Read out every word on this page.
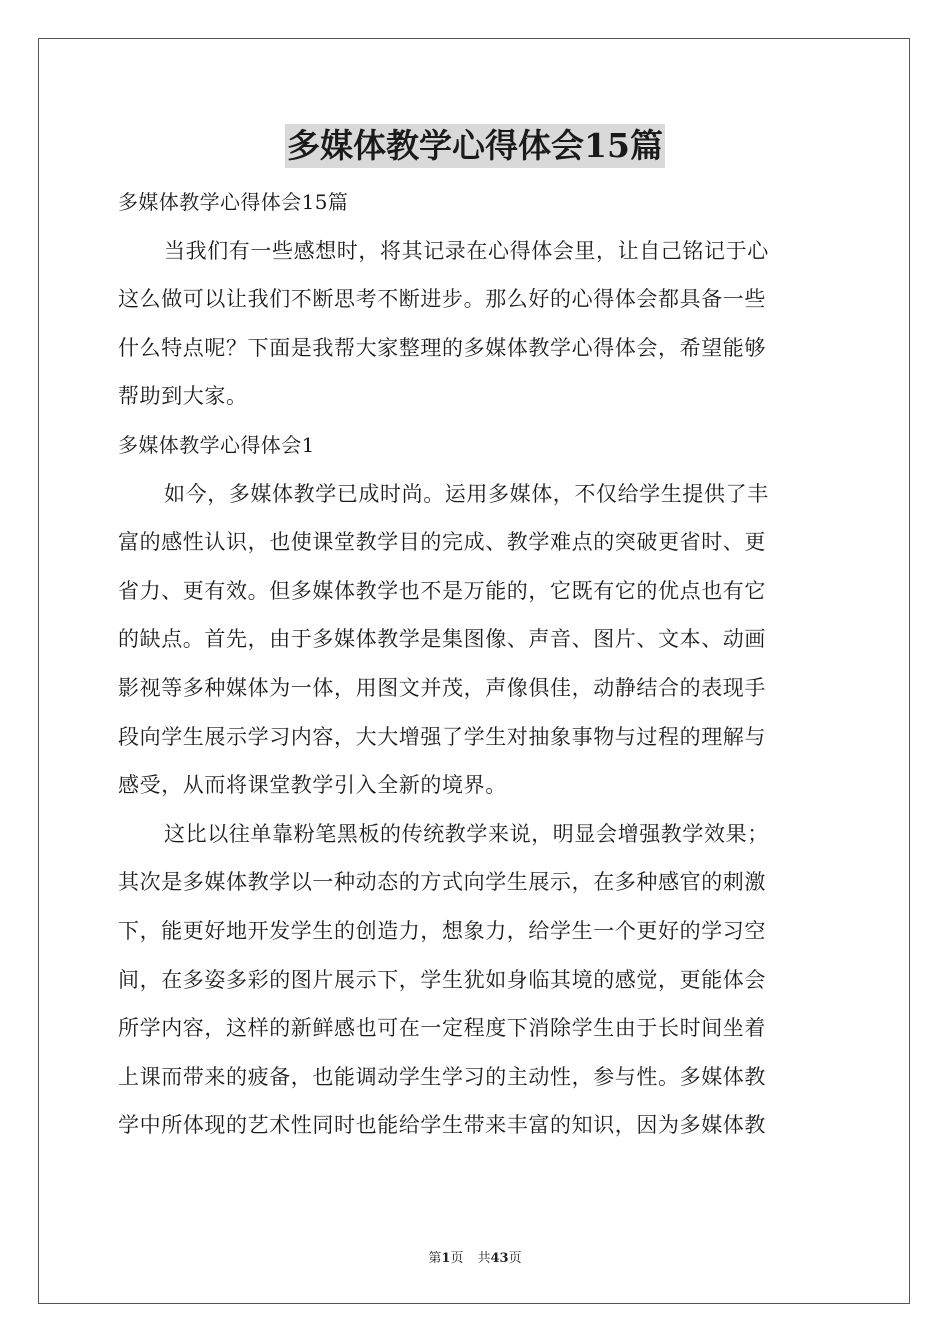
多媒体教学心得体会15篇
多媒体教学心得体会15篇
当我们有一些感想时，将其记录在心得体会里，让自己铭记于心
这么做可以让我们不断思考不断进步。那么好的心得体会都具备一些
什么特点呢？下面是我帮大家整理的多媒体教学心得体会，希望能够
帮助到大家。
多媒体教学心得体会1
如今，多媒体教学已成时尚。运用多媒体，不仅给学生提供了丰
富的感性认识，也使课堂教学目的完成、教学难点的突破更省时、更
省力、更有效。但多媒体教学也不是万能的，它既有它的优点也有它
的缺点。首先，由于多媒体教学是集图像、声音、图片、文本、动画
影视等多种媒体为一体，用图文并茂，声像俱佳，动静结合的表现手
段向学生展示学习内容，大大增强了学生对抽象事物与过程的理解与
感受，从而将课堂教学引入全新的境界。
这比以往单靠粉笔黑板的传统教学来说，明显会增强教学效果；
其次是多媒体教学以一种动态的方式向学生展示，在多种感官的刺激
下，能更好地开发学生的创造力，想象力，给学生一个更好的学习空
间，在多姿多彩的图片展示下，学生犹如身临其境的感觉，更能体会
所学内容，这样的新鲜感也可在一定程度下消除学生由于长时间坐着
上课而带来的疲备，也能调动学生学习的主动性，参与性。多媒体教
学中所体现的艺术性同时也能给学生带来丰富的知识，因为多媒体教
第1页 共43页
